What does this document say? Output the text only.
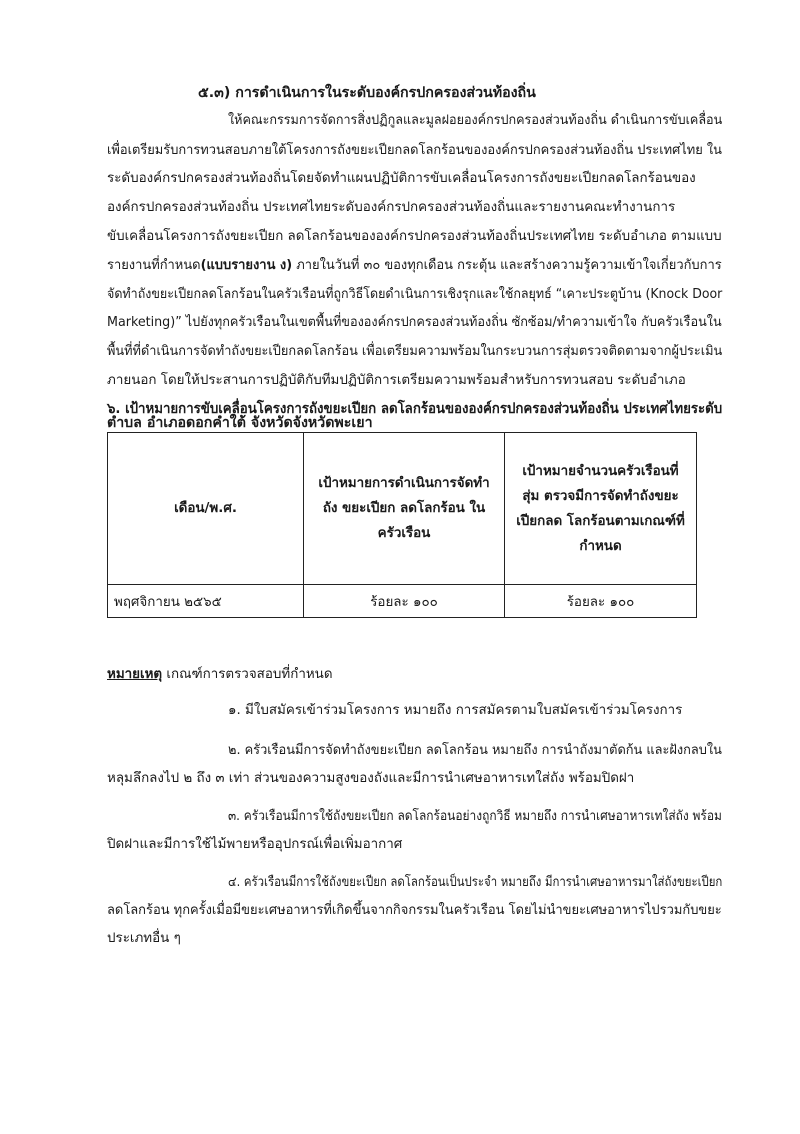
๕.๓) การดำเนินการในระดับองค์กรปกครองส่วนท้องถิ่น
ให้คณะกรรมการจัดการสิ่งปฏิกูลและมูลฝอยองค์กรปกครองส่วนท้องถิ่น ดำเนินการขับเคลื่อน
เพื่อเตรียมรับการทวนสอบภายใต้โครงการถังขยะเปียกลดโลกร้อนขององค์กรปกครองส่วนท้องถิ่น ประเทศไทย ใน
ระดับองค์กรปกครองส่วนท้องถิ่นโดยจัดทำแผนปฏิบัติการขับเคลื่อนโครงการถังขยะเปียกลดโลกร้อนของ
องค์กรปกครองส่วนท้องถิ่น ประเทศไทยระดับองค์กรปกครองส่วนท้องถิ่นและรายงานคณะทำงานการ
ขับเคลื่อนโครงการถังขยะเปียก ลดโลกร้อนขององค์กรปกครองส่วนท้องถิ่นประเทศไทย ระดับอำเภอ ตามแบบ
รายงานที่กำหนด(แบบรายงาน ง) ภายในวันที่ ๓๐ ของทุกเดือน กระตุ้น และสร้างความรู้ความเข้าใจเกี่ยวกับการ
จัดทำถังขยะเปียกลดโลกร้อนในครัวเรือนที่ถูกวิธีโดยดำเนินการเชิงรุกและใช้กลยุทธ์ “เคาะประตูบ้าน (Knock Door
Marketing)” ไปยังทุกครัวเรือนในเขตพื้นที่ขององค์กรปกครองส่วนท้องถิ่น ซักซ้อม/ทำความเข้าใจ กับครัวเรือนใน
พื้นที่ที่ดำเนินการจัดทำถังขยะเปียกลดโลกร้อน เพื่อเตรียมความพร้อมในกระบวนการสุ่มตรวจติดตามจากผู้ประเมิน
ภายนอก โดยให้ประสานการปฏิบัติกับทีมปฏิบัติการเตรียมความพร้อมสำหรับการทวนสอบ ระดับอำเภอ
๖. เป้าหมายการขับเคลื่อนโครงการถังขยะเปียก ลดโลกร้อนขององค์กรปกครองส่วนท้องถิ่น ประเทศไทยระดับ
ตำบล อำเภอดอกคำใต้ จังหวัดจังหวัดพะเยา
เดือน/พ.ศ.	เป้าหมายการดำเนินการจัดทำถัง ขยะเปียก ลดโลกร้อน ใน ครัวเรือน	เป้าหมายจำนวนครัวเรือนที่สุ่ม ตรวจมีการจัดทำถังขยะเปียกลด โลกร้อนตามเกณฑ์ที่กำหนด
พฤศจิกายน ๒๕๖๕	ร้อยละ ๑๐๐	ร้อยละ ๑๐๐
หมายเหตุ เกณฑ์การตรวจสอบที่กำหนด
๑. มีใบสมัครเข้าร่วมโครงการ หมายถึง การสมัครตามใบสมัครเข้าร่วมโครงการ
๒. ครัวเรือนมีการจัดทำถังขยะเปียก ลดโลกร้อน หมายถึง การนำถังมาตัดก้น และฝังกลบใน
หลุมลึกลงไป ๒ ถึง ๓ เท่า ส่วนของความสูงของถังและมีการนำเศษอาหารเทใส่ถัง พร้อมปิดฝา
๓. ครัวเรือนมีการใช้ถังขยะเปียก ลดโลกร้อนอย่างถูกวิธี หมายถึง การนำเศษอาหารเทใส่ถัง พร้อม
ปิดฝาและมีการใช้ไม้พายหรืออุปกรณ์เพื่อเพิ่มอากาศ
๔. ครัวเรือนมีการใช้ถังขยะเปียก ลดโลกร้อนเป็นประจำ หมายถึง มีการนำเศษอาหารมาใส่ถังขยะเปียก
ลดโลกร้อน ทุกครั้งเมื่อมีขยะเศษอาหารที่เกิดขึ้นจากกิจกรรมในครัวเรือน โดยไม่นำขยะเศษอาหารไปรวมกับขยะ
ประเภทอื่น ๆ
